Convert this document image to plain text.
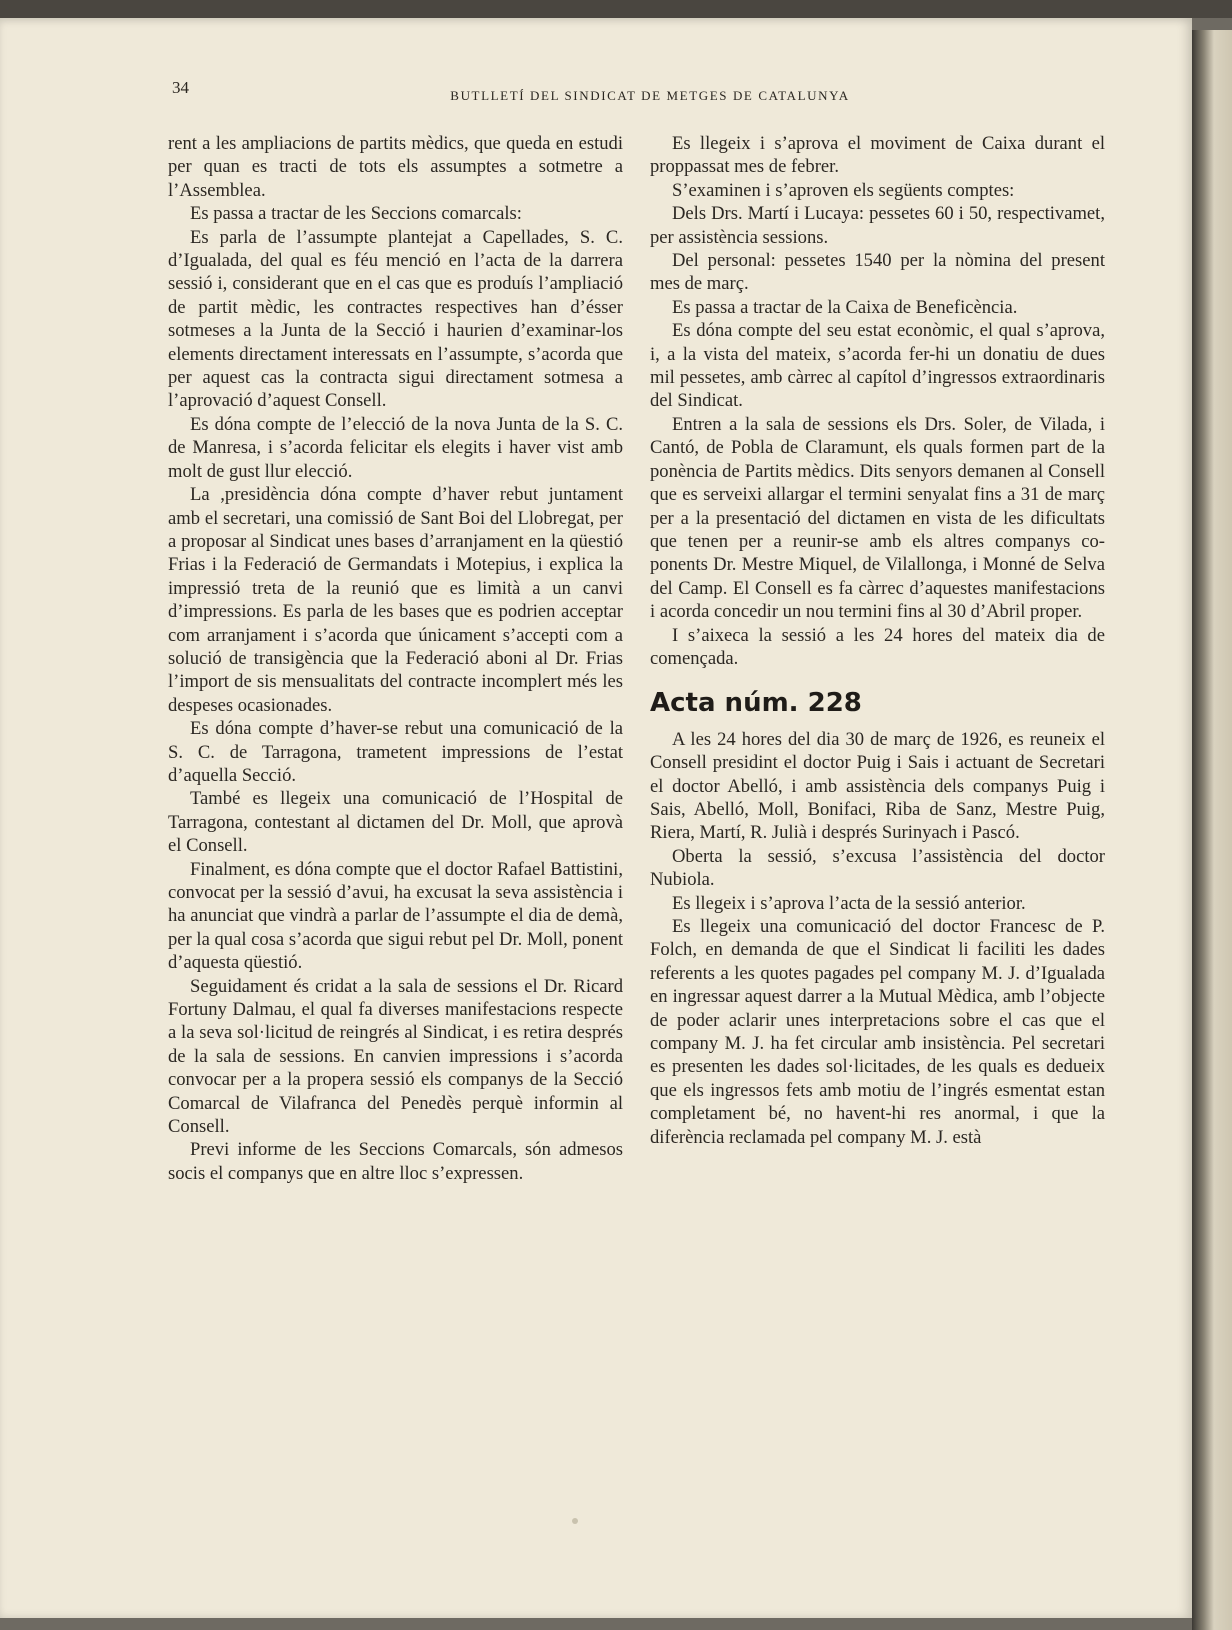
34	BUTLLETÍ DEL SINDICAT DE METGES DE CATALUNYA

rent a les ampliacions de partits mèdics, que queda en estudi per quan es tracti de tots els assumptes a sotmetre a l’Assemblea.

Es passa a tractar de les Seccions comarcals:

Es parla de l’assumpte plantejat a Capellades, S. C. d’Igualada, del qual es féu menció en l’acta de la darrera sessió i, considerant que en el cas que es produís l’ampliació de partit mèdic, les contractes respectives han d’ésser sotmeses a la Junta de la Secció i haurien d’examinar-los elements directament interessats en l’assumpte, s’acorda que per aquest cas la contracta sigui directament sotmesa a l’aprovació d’aquest Consell.

Es dóna compte de l’elecció de la nova Junta de la S. C. de Manresa, i s’acorda felicitar els elegits i haver vist amb molt de gust llur elecció.

La ,presidència dóna compte d’haver rebut juntament amb el secretari, una comissió de Sant Boi del Llobregat, per a proposar al Sindicat unes bases d’arranjament en la qüestió Frias i la Federació de Germandats i Motepius, i explica la impressió treta de la reunió que es limità a un canvi d’impressions. Es parla de les bases que es podrien acceptar com arranjament i s’acorda que únicament s’accepti com a solució de transigència que la Federació aboni al Dr. Frias l’import de sis mensualitats del contracte incomplert més les despeses ocasionades.

Es dóna compte d’haver-se rebut una comunicació de la S. C. de Tarragona, trametent impressions de l’estat d’aquella Secció.

També es llegeix una comunicació de l’Hospital de Tarragona, contestant al dictamen del Dr. Moll, que aprovà el Consell.

Finalment, es dóna compte que el doctor Rafael Battistini, convocat per la sessió d’avui, ha excusat la seva assistència i ha anunciat que vindrà a parlar de l’assumpte el dia de demà, per la qual cosa s’acorda que sigui rebut pel Dr. Moll, ponent d’aquesta qüestió.

Seguidament és cridat a la sala de sessions el Dr. Ricard Fortuny Dalmau, el qual fa diverses manifestacions respecte a la seva sol·licitud de reingrés al Sindicat, i es retira després de la sala de sessions. En canvien impressions i s’acorda convocar per a la propera sessió els companys de la Secció Comarcal de Vilafranca del Penedès perquè informin al Consell.

Previ informe de les Seccions Comarcals, són admesos socis el companys que en altre lloc s’expressen.

Es llegeix i s’aprova el moviment de Caixa durant el proppassat mes de febrer.

S’examinen i s’aproven els següents comptes:

Dels Drs. Martí i Lucaya: pessetes 60 i 50, respectivamet, per assistència sessions.

Del personal: pessetes 1540 per la nòmina del present mes de març.

Es passa a tractar de la Caixa de Beneficència.

Es dóna compte del seu estat econòmic, el qual s’aprova, i, a la vista del mateix, s’acorda fer-hi un donatiu de dues mil pessetes, amb càrrec al capítol d’ingressos extraordinaris del Sindicat.

Entren a la sala de sessions els Drs. Soler, de Vilada, i Cantó, de Pobla de Claramunt, els quals formen part de la ponència de Partits mèdics. Dits senyors demanen al Consell que es serveixi allargar el termini senyalat fins a 31 de març per a la presentació del dictamen en vista de les dificultats que tenen per a reunir-se amb els altres companys co-ponents Dr. Mestre Miquel, de Vilallonga, i Monné de Selva del Camp. El Consell es fa càrrec d’aquestes manifestacions i acorda concedir un nou termini fins al 30 d’Abril proper.

I s’aixeca la sessió a les 24 hores del mateix dia de començada.

Acta núm. 228

A les 24 hores del dia 30 de març de 1926, es reuneix el Consell presidint el doctor Puig i Sais i actuant de Secretari el doctor Abelló, i amb assistència dels companys Puig i Sais, Abelló, Moll, Bonifaci, Riba de Sanz, Mestre Puig, Riera, Martí, R. Julià i després Surinyach i Pascó.

Oberta la sessió, s’excusa l’assistència del doctor Nubiola.

Es llegeix i s’aprova l’acta de la sessió anterior.

Es llegeix una comunicació del doctor Francesc de P. Folch, en demanda de que el Sindicat li faciliti les dades referents a les quotes pagades pel company M. J. d’Igualada en ingressar aquest darrer a la Mutual Mèdica, amb l’objecte de poder aclarir unes interpretacions sobre el cas que el company M. J. ha fet circular amb insistència. Pel secretari es presenten les dades sol·licitades, de les quals es dedueix que els ingressos fets amb motiu de l’ingrés esmentat estan completament bé, no havent-hi res anormal, i que la diferència reclamada pel company M. J. està
